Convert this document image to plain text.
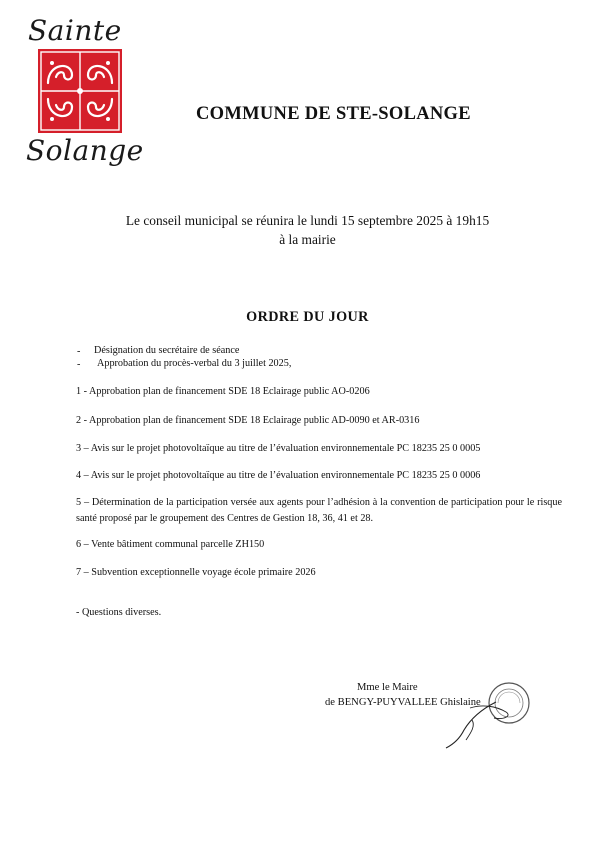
Sainte
Solange
COMMUNE DE STE-SOLANGE
Le conseil municipal se réunira le lundi 15 septembre 2025 à 19h15
à la mairie
ORDRE DU JOUR
- Désignation du secrétaire de séance
- Approbation du procès-verbal du 3 juillet 2025,
1 - Approbation plan de financement SDE 18 Eclairage public AO-0206
2 - Approbation plan de financement SDE 18 Eclairage public AD-0090 et AR-0316
3 – Avis sur le projet photovoltaïque au titre de l’évaluation environnementale PC 18235 25 0 0005
4 – Avis sur le projet photovoltaïque au titre de l’évaluation environnementale PC 18235 25 0 0006
5 – Détermination de la participation versée aux agents pour l’adhésion à la convention de participation pour le risque santé proposé par le groupement des Centres de Gestion 18, 36, 41 et 28.
6 – Vente bâtiment communal parcelle ZH150
7 – Subvention exceptionnelle voyage école primaire 2026
- Questions diverses.
Mme le Maire
de BENGY-PUYVALLEE Ghislaine
